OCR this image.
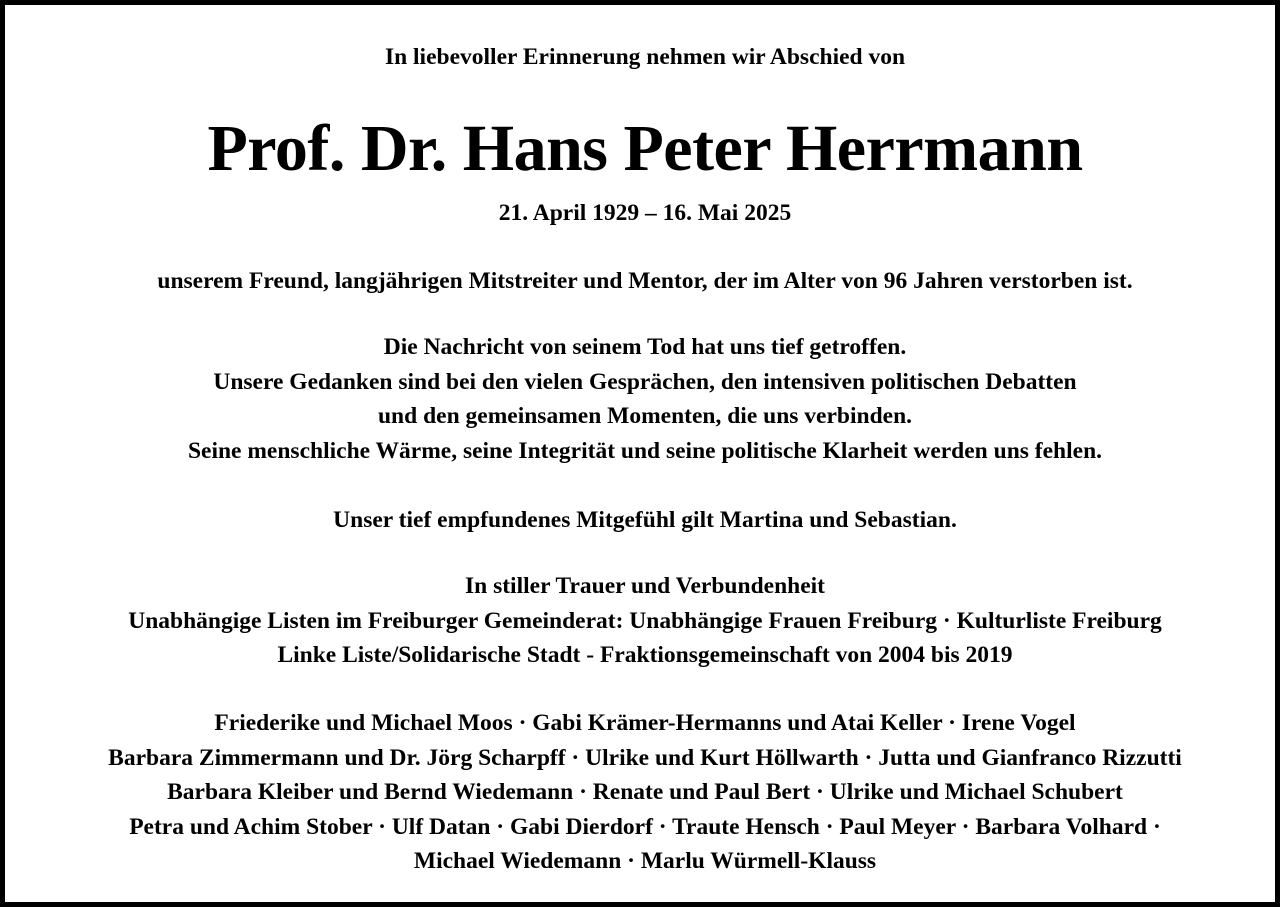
In liebevoller Erinnerung nehmen wir Abschied von
Prof. Dr. Hans Peter Herrmann
21. April 1929 – 16. Mai 2025
unserem Freund, langjährigen Mitstreiter und Mentor, der im Alter von 96 Jahren verstorben ist.
Die Nachricht von seinem Tod hat uns tief getroffen.
Unsere Gedanken sind bei den vielen Gesprächen, den intensiven politischen Debatten
und den gemeinsamen Momenten, die uns verbinden.
Seine menschliche Wärme, seine Integrität und seine politische Klarheit werden uns fehlen.
Unser tief empfundenes Mitgefühl gilt Martina und Sebastian.
In stiller Trauer und Verbundenheit
Unabhängige Listen im Freiburger Gemeinderat: Unabhängige Frauen Freiburg · Kulturliste Freiburg
Linke Liste/Solidarische Stadt - Fraktionsgemeinschaft von 2004 bis 2019
Friederike und Michael Moos · Gabi Krämer-Hermanns und Atai Keller · Irene Vogel
Barbara Zimmermann und Dr. Jörg Scharpff · Ulrike und Kurt Höllwarth · Jutta und Gianfranco Rizzutti
Barbara Kleiber und Bernd Wiedemann · Renate und Paul Bert · Ulrike und Michael Schubert
Petra und Achim Stober · Ulf Datan · Gabi Dierdorf · Traute Hensch · Paul Meyer · Barbara Volhard ·
Michael Wiedemann · Marlu Würmell-Klauss
